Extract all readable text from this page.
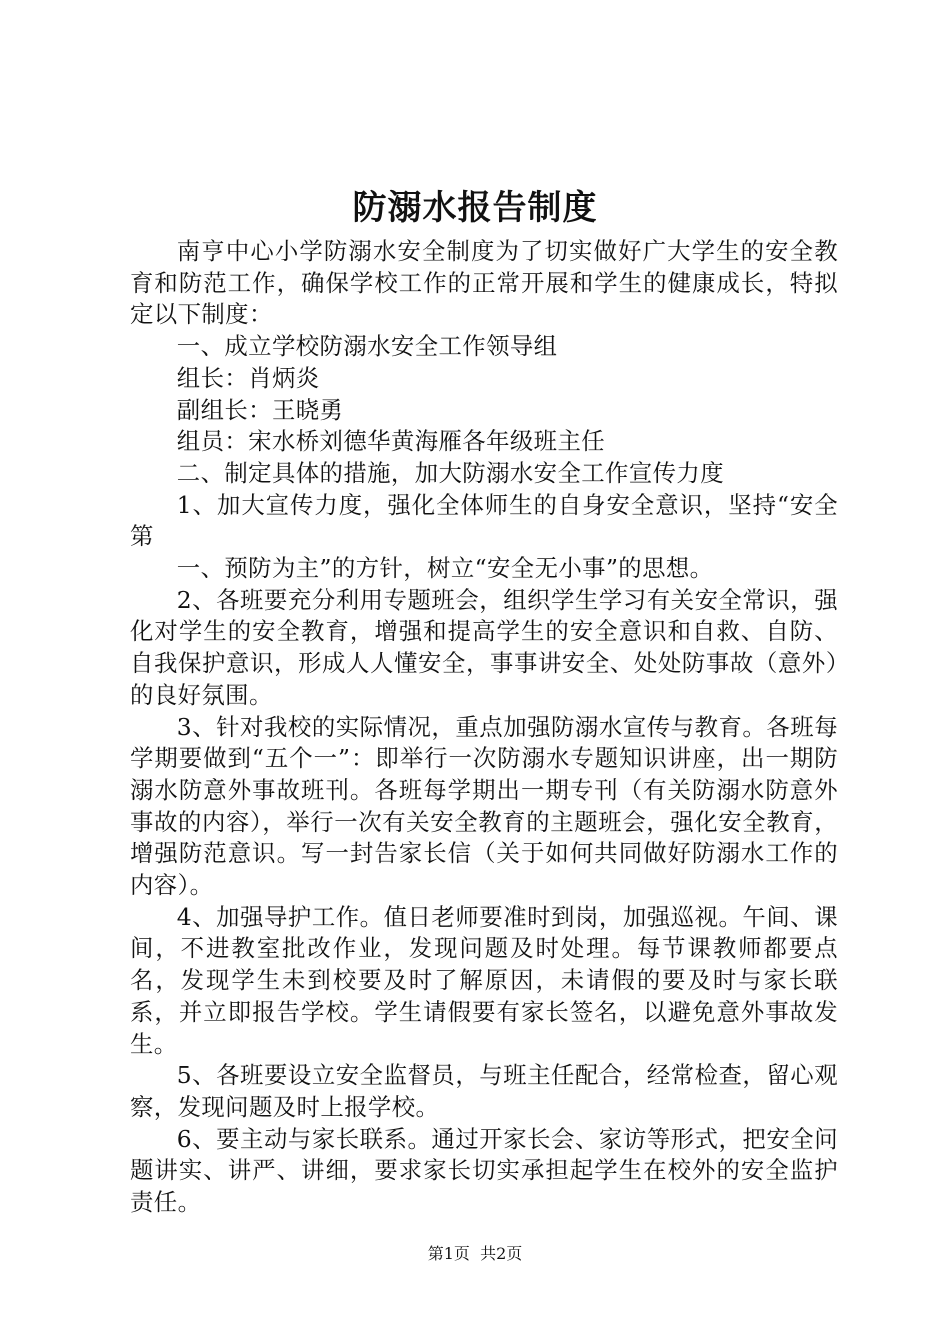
防溺水报告制度

南亨中心小学防溺水安全制度为了切实做好广大学生的安全教育和防范工作，确保学校工作的正常开展和学生的健康成长，特拟定以下制度：

一、成立学校防溺水安全工作领导组

组长：肖炳炎

副组长：王晓勇

组员：宋水桥刘德华黄海雁各年级班主任

二、制定具体的措施，加大防溺水安全工作宣传力度

1、加大宣传力度，强化全体师生的自身安全意识，坚持“安全第

一、预防为主”的方针，树立“安全无小事”的思想。

2、各班要充分利用专题班会，组织学生学习有关安全常识，强化对学生的安全教育，增强和提高学生的安全意识和自救、自防、自我保护意识，形成人人懂安全，事事讲安全、处处防事故（意外）的良好氛围。

3、针对我校的实际情况，重点加强防溺水宣传与教育。各班每学期要做到“五个一”：即举行一次防溺水专题知识讲座，出一期防溺水防意外事故班刊。各班每学期出一期专刊（有关防溺水防意外事故的内容），举行一次有关安全教育的主题班会，强化安全教育，增强防范意识。写一封告家长信（关于如何共同做好防溺水工作的内容）。

4、加强导护工作。值日老师要准时到岗，加强巡视。午间、课间，不进教室批改作业，发现问题及时处理。每节课教师都要点名，发现学生未到校要及时了解原因，未请假的要及时与家长联系，并立即报告学校。学生请假要有家长签名，以避免意外事故发生。

5、各班要设立安全监督员，与班主任配合，经常检查，留心观察，发现问题及时上报学校。

6、要主动与家长联系。通过开家长会、家访等形式，把安全问题讲实、讲严、讲细，要求家长切实承担起学生在校外的安全监护责任。

第1页 共2页
